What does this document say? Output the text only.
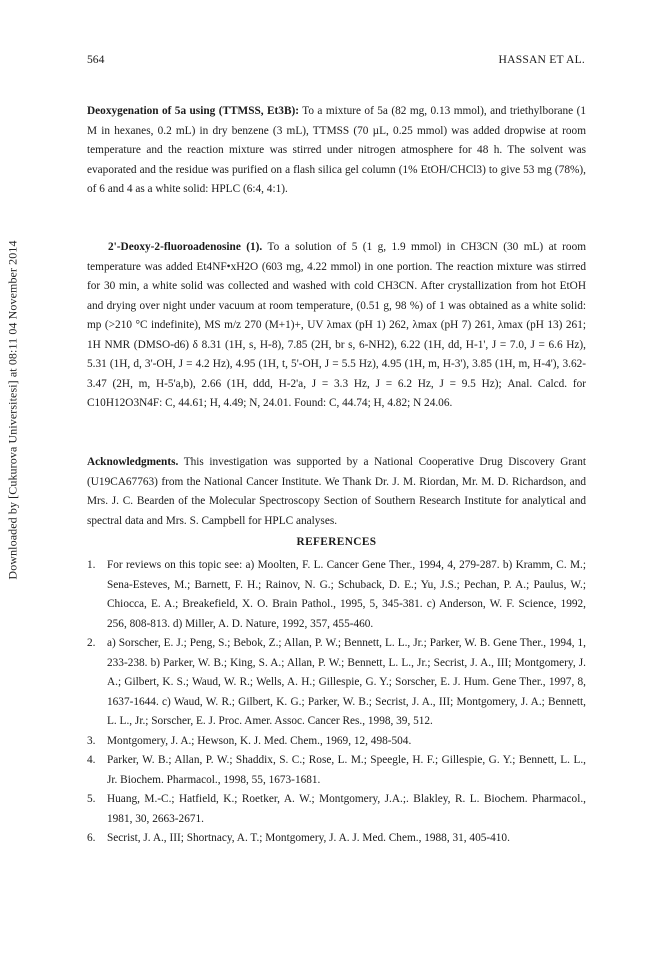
564	HASSAN ET AL.
Downloaded by [Cukurova Universitesi] at 08:11 04 November 2014
Deoxygenation of 5a using (TTMSS, Et3B): To a mixture of 5a (82 mg, 0.13 mmol), and triethylborane (1 M in hexanes, 0.2 mL) in dry benzene (3 mL), TTMSS (70 µL, 0.25 mmol) was added dropwise at room temperature and the reaction mixture was stirred under nitrogen atmosphere for 48 h. The solvent was evaporated and the residue was purified on a flash silica gel column (1% EtOH/CHCl3) to give 53 mg (78%), of 6 and 4 as a white solid: HPLC (6:4, 4:1).
2'-Deoxy-2-fluoroadenosine (1). To a solution of 5 (1 g, 1.9 mmol) in CH3CN (30 mL) at room temperature was added Et4NF•xH2O (603 mg, 4.22 mmol) in one portion. The reaction mixture was stirred for 30 min, a white solid was collected and washed with cold CH3CN. After crystallization from hot EtOH and drying over night under vacuum at room temperature, (0.51 g, 98 %) of 1 was obtained as a white solid: mp (>210 °C indefinite), MS m/z 270 (M+1)+, UV λmax (pH 1) 262, λmax (pH 7) 261, λmax (pH 13) 261; 1H NMR (DMSO-d6) δ 8.31 (1H, s, H-8), 7.85 (2H, br s, 6-NH2), 6.22 (1H, dd, H-1', J = 7.0, J = 6.6 Hz), 5.31 (1H, d, 3'-OH, J = 4.2 Hz), 4.95 (1H, t, 5'-OH, J = 5.5 Hz), 4.95 (1H, m, H-3'), 3.85 (1H, m, H-4'), 3.62-3.47 (2H, m, H-5'a,b), 2.66 (1H, ddd, H-2'a, J = 3.3 Hz, J = 6.2 Hz, J = 9.5 Hz); Anal. Calcd. for C10H12O3N4F: C, 44.61; H, 4.49; N, 24.01. Found: C, 44.74; H, 4.82; N 24.06.
Acknowledgments. This investigation was supported by a National Cooperative Drug Discovery Grant (U19CA67763) from the National Cancer Institute. We Thank Dr. J. M. Riordan, Mr. M. D. Richardson, and Mrs. J. C. Bearden of the Molecular Spectroscopy Section of Southern Research Institute for analytical and spectral data and Mrs. S. Campbell for HPLC analyses.
REFERENCES
1. For reviews on this topic see: a) Moolten, F. L. Cancer Gene Ther., 1994, 4, 279-287. b) Kramm, C. M.; Sena-Esteves, M.; Barnett, F. H.; Rainov, N. G.; Schuback, D. E.; Yu, J.S.; Pechan, P. A.; Paulus, W.; Chiocca, E. A.; Breakefield, X. O. Brain Pathol., 1995, 5, 345-381. c) Anderson, W. F. Science, 1992, 256, 808-813. d) Miller, A. D. Nature, 1992, 357, 455-460.
2. a) Sorscher, E. J.; Peng, S.; Bebok, Z.; Allan, P. W.; Bennett, L. L., Jr.; Parker, W. B. Gene Ther., 1994, 1, 233-238. b) Parker, W. B.; King, S. A.; Allan, P. W.; Bennett, L. L., Jr.; Secrist, J. A., III; Montgomery, J. A.; Gilbert, K. S.; Waud, W. R.; Wells, A. H.; Gillespie, G. Y.; Sorscher, E. J. Hum. Gene Ther., 1997, 8, 1637-1644. c) Waud, W. R.; Gilbert, K. G.; Parker, W. B.; Secrist, J. A., III; Montgomery, J. A.; Bennett, L. L., Jr.; Sorscher, E. J. Proc. Amer. Assoc. Cancer Res., 1998, 39, 512.
3. Montgomery, J. A.; Hewson, K. J. Med. Chem., 1969, 12, 498-504.
4. Parker, W. B.; Allan, P. W.; Shaddix, S. C.; Rose, L. M.; Speegle, H. F.; Gillespie, G. Y.; Bennett, L. L., Jr. Biochem. Pharmacol., 1998, 55, 1673-1681.
5. Huang, M.-C.; Hatfield, K.; Roetker, A. W.; Montgomery, J.A.;. Blakley, R. L. Biochem. Pharmacol., 1981, 30, 2663-2671.
6. Secrist, J. A., III; Shortnacy, A. T.; Montgomery, J. A. J. Med. Chem., 1988, 31, 405-410.
